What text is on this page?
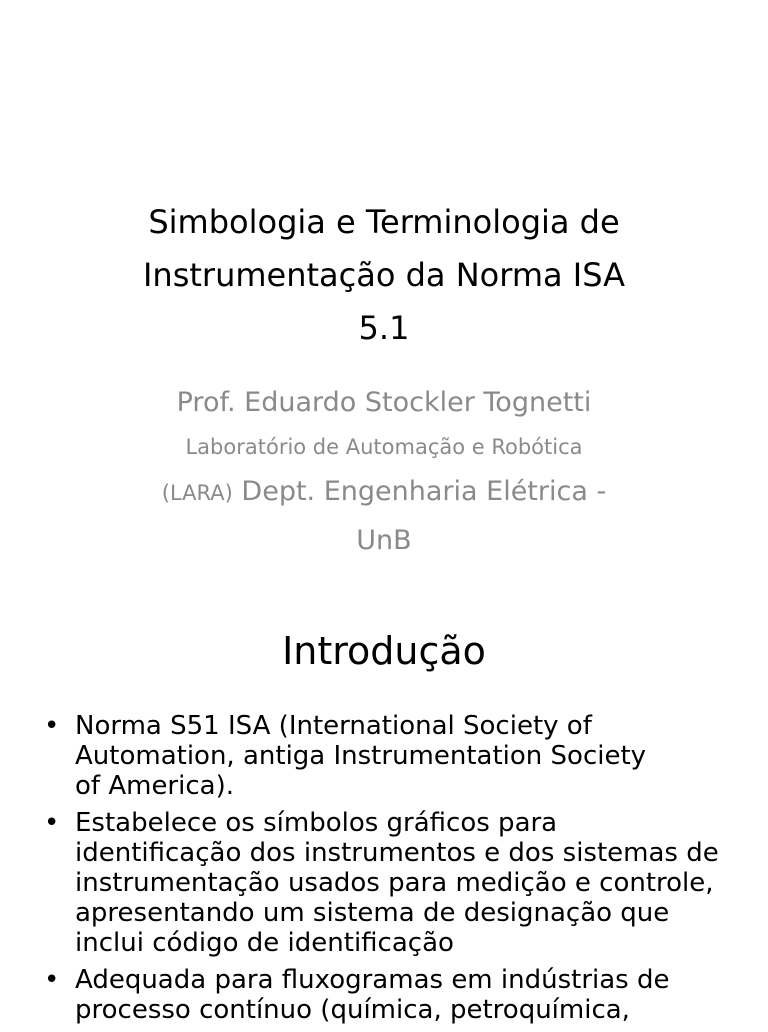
Simbologia e Terminologia de
Instrumentação da Norma ISA
5.1
Prof. Eduardo Stockler Tognetti
Laboratório de Automação e Robótica
(LARA) Dept. Engenharia Elétrica -
UnB
Introdução
• Norma S51 ISA (International Society of
Automation, antiga Instrumentation Society
of America).
• Estabelece os símbolos gráficos para
identificação dos instrumentos e dos sistemas de
instrumentação usados para medição e controle,
apresentando um sistema de designação que
inclui código de identificação
• Adequada para fluxogramas em indústrias de
processo contínuo (química, petroquímica,
